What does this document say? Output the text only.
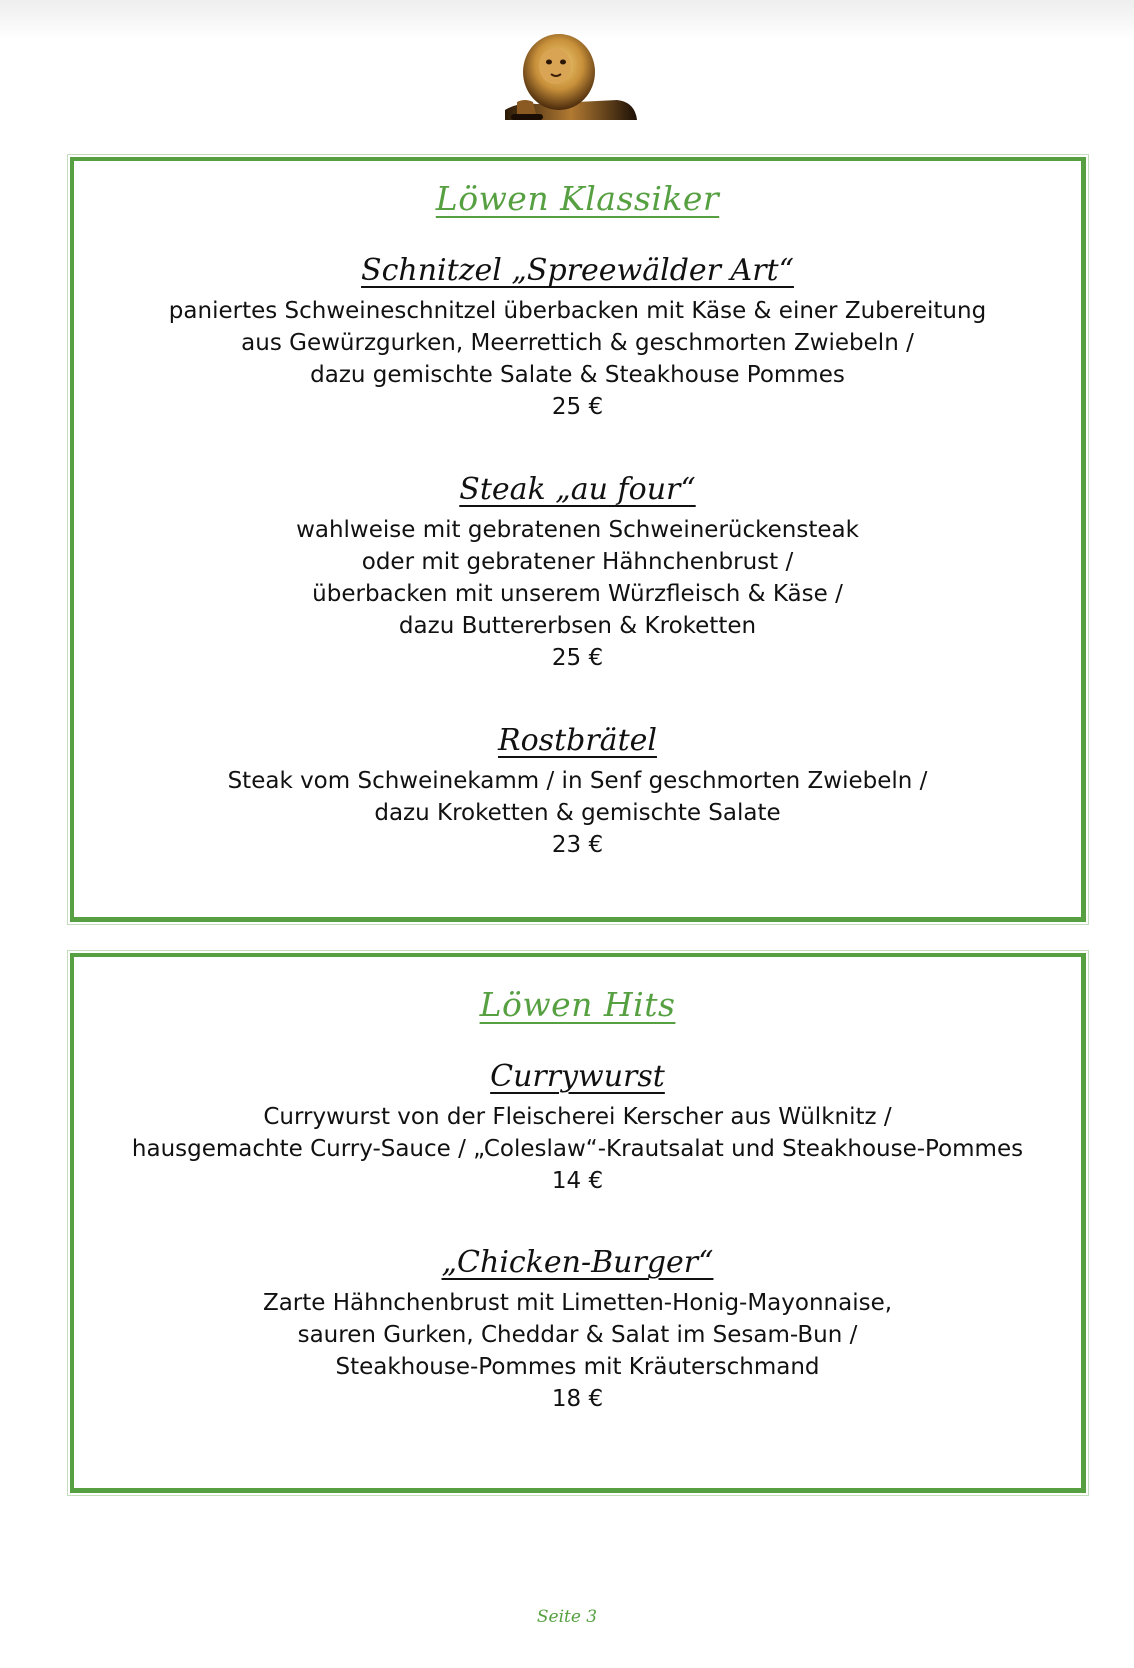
Löwen Klassiker
Schnitzel „Spreewälder Art“
paniertes Schweineschnitzel überbacken mit Käse & einer Zubereitung
aus Gewürzgurken, Meerrettich & geschmorten Zwiebeln /
dazu gemischte Salate & Steakhouse Pommes
25 €
Steak „au four“
wahlweise mit gebratenen Schweinerückensteak
oder mit gebratener Hähnchenbrust /
überbacken mit unserem Würzfleisch & Käse /
dazu Buttererbsen & Kroketten
25 €
Rostbrätel
Steak vom Schweinekamm / in Senf geschmorten Zwiebeln /
dazu Kroketten & gemischte Salate
23 €
Löwen Hits
Currywurst
Currywurst von der Fleischerei Kerscher aus Wülknitz /
hausgemachte Curry-Sauce / „Coleslaw“-Krautsalat und Steakhouse-Pommes
14 €
„Chicken-Burger“
Zarte Hähnchenbrust mit Limetten-Honig-Mayonnaise,
sauren Gurken, Cheddar & Salat im Sesam-Bun /
Steakhouse-Pommes mit Kräuterschmand
18 €
Seite 3
